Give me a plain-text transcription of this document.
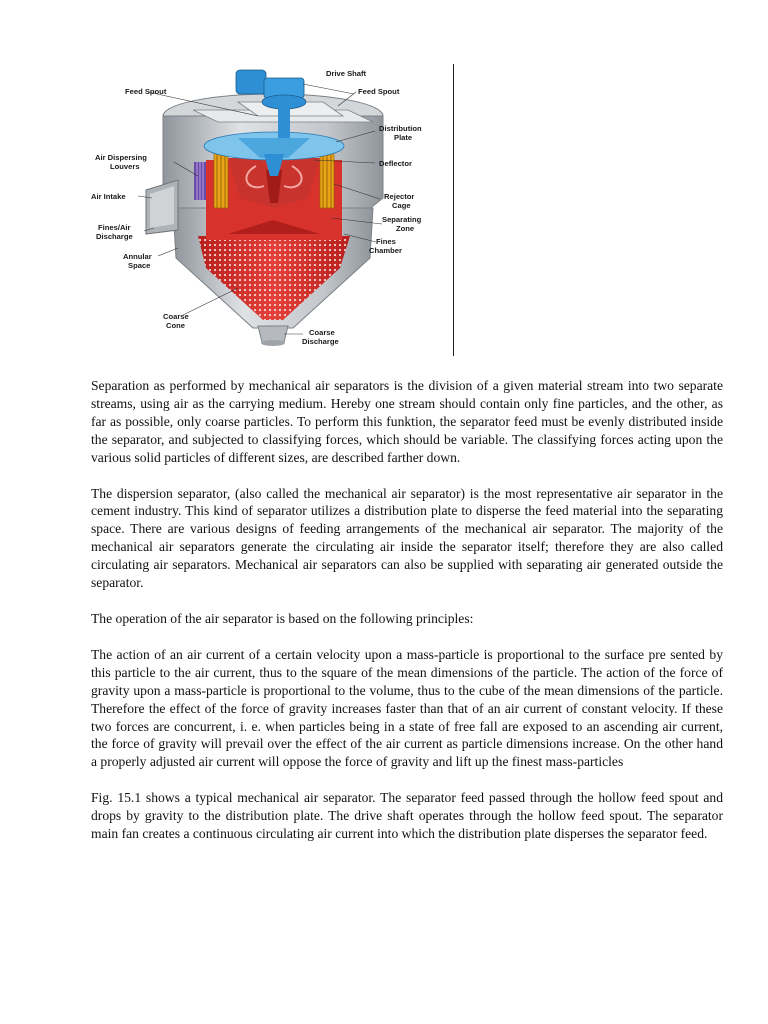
Drive Shaft
Feed Spout	Feed Spout
Distribution
Plate
Air Dispersing
Louvers	Deflector
Air Intake	Rejector
Cage
Separating
Zone
Fines/Air
Discharge
Fines
Chamber
Annular
Space
Coarse
Cone
Coarse
Discharge

Separation as performed by mechanical air separators is the division of a given material stream into two separate streams, using air as the carrying medium. Hereby one stream should contain only fine particles, and the other, as far as possible, only coarse particles. To perform this funktion, the separator feed must be evenly distributed inside the separator, and subjected to classifying forces, which should be variable. The classifying forces acting upon the various solid particles of different sizes, are described farther down.

The dispersion separator, (also called the mechanical air separator) is the most representative air separator in the cement industry. This kind of separator utilizes a distribution plate to disperse the feed material into the separating space. There are various designs of feeding arrangements of the mechanical air separator. The majority of the mechanical air separators generate the circulating air inside the separator itself; therefore they are also called circulating air separators. Mechanical air separators can also be supplied with separating air generated outside the separator.

The operation of the air separator is based on the following principles:

The action of an air current of a certain velocity upon a mass-particle is proportional to the surface pre sented by this particle to the air current, thus to the square of the mean dimensions of the particle. The action of the force of gravity upon a mass-particle is proportional to the volume, thus to the cube of the mean dimensions of the particle. Therefore the effect of the force of gravity increases faster than that of an air current of constant velocity. If these two forces are concurrent, i. e. when particles being in a state of free fall are exposed to an ascending air current, the force of gravity will prevail over the effect of the air current as particle dimensions increase. On the other hand a properly adjusted air current will oppose the force of gravity and lift up the finest mass-particles

Fig. 15.1 shows a typical mechanical air separator. The separator feed passed through the hollow feed spout and drops by gravity to the distribution plate. The drive shaft operates through the hollow feed spout. The separator main fan creates a continuous circulating air current into which the distribution plate disperses the separator feed.
